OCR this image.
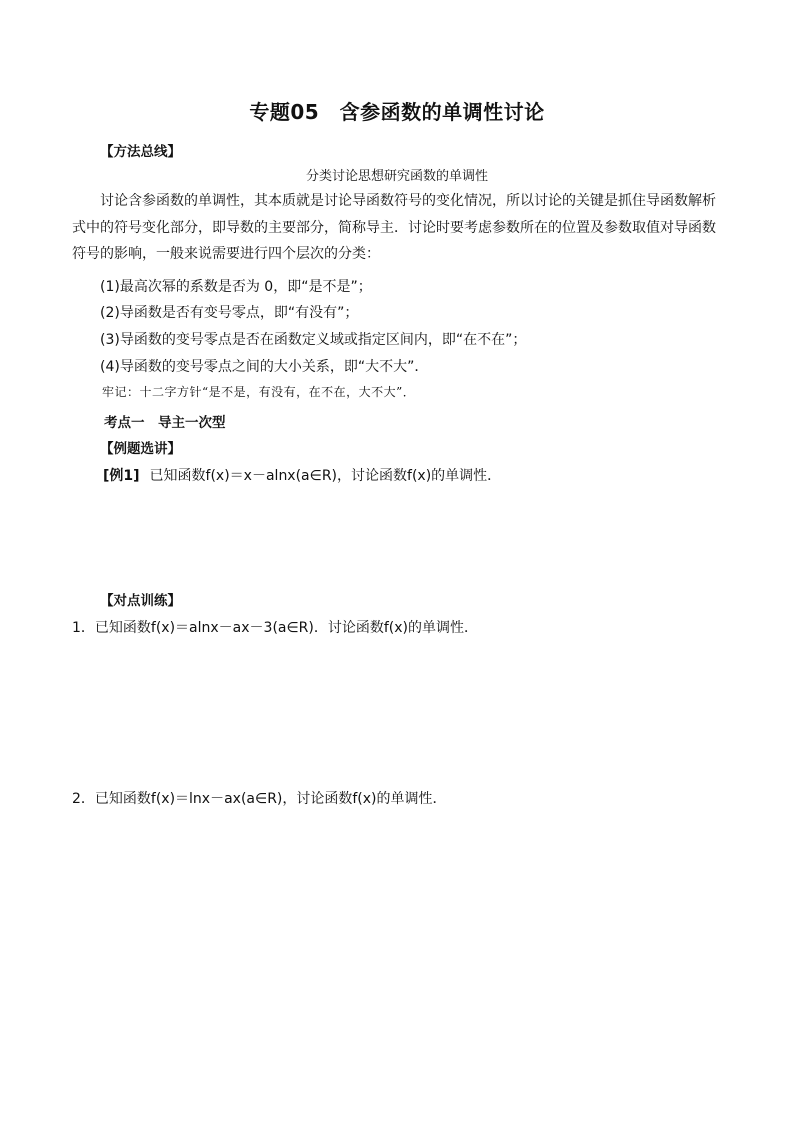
专题05　含参函数的单调性讨论
【方法总线】
分类讨论思想研究函数的单调性
讨论含参函数的单调性，其本质就是讨论导函数符号的变化情况，所以讨论的关键是抓住导函数解析式中的符号变化部分，即导数的主要部分，简称导主．讨论时要考虑参数所在的位置及参数取值对导函数符号的影响，一般来说需要进行四个层次的分类：
(1)最高次幂的系数是否为 0，即“是不是”；
(2)导函数是否有变号零点，即“有没有”；
(3)导函数的变号零点是否在函数定义域或指定区间内，即“在不在”；
(4)导函数的变号零点之间的大小关系，即“大不大”．
牢记：十二字方针“是不是，有没有，在不在，大不大”．
考点一　导主一次型
【例题选讲】
[例1] 已知函数f(x)＝x－alnx(a∈R)，讨论函数f(x)的单调性．
【对点训练】
1．已知函数f(x)＝alnx－ax－3(a∈R)．讨论函数f(x)的单调性．
2．已知函数f(x)＝lnx－ax(a∈R)，讨论函数f(x)的单调性．
